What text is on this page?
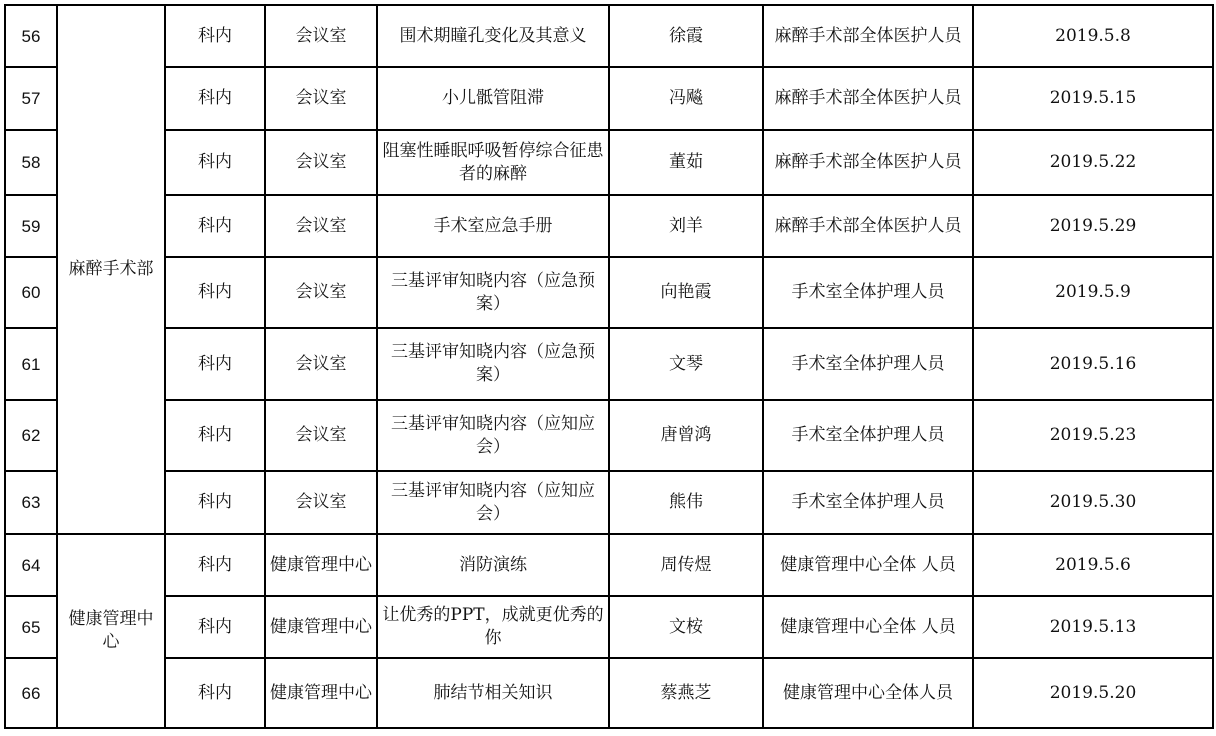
56	麻醉手术部	科内	会议室	围术期瞳孔变化及其意义	徐霞	麻醉手术部全体医护人员	2019.5.8
57		科内	会议室	小儿骶管阻滞	冯飚	麻醉手术部全体医护人员	2019.5.15
58		科内	会议室	阻塞性睡眠呼吸暂停综合征患者的麻醉	董茹	麻醉手术部全体医护人员	2019.5.22
59		科内	会议室	手术室应急手册	刘羊	麻醉手术部全体医护人员	2019.5.29
60		科内	会议室	三基评审知晓内容（应急预案）	向艳霞	手术室全体护理人员	2019.5.9
61		科内	会议室	三基评审知晓内容（应急预案）	文琴	手术室全体护理人员	2019.5.16
62		科内	会议室	三基评审知晓内容（应知应会）	唐曾鸿	手术室全体护理人员	2019.5.23
63		科内	会议室	三基评审知晓内容（应知应会）	熊伟	手术室全体护理人员	2019.5.30
64	健康管理中心	科内	健康管理中心	消防演练	周传煜	健康管理中心全体 人员	2019.5.6
65		科内	健康管理中心	让优秀的PPT，成就更优秀的你	文桉	健康管理中心全体 人员	2019.5.13
66		科内	健康管理中心	肺结节相关知识	蔡燕芝	健康管理中心全体人员	2019.5.20
